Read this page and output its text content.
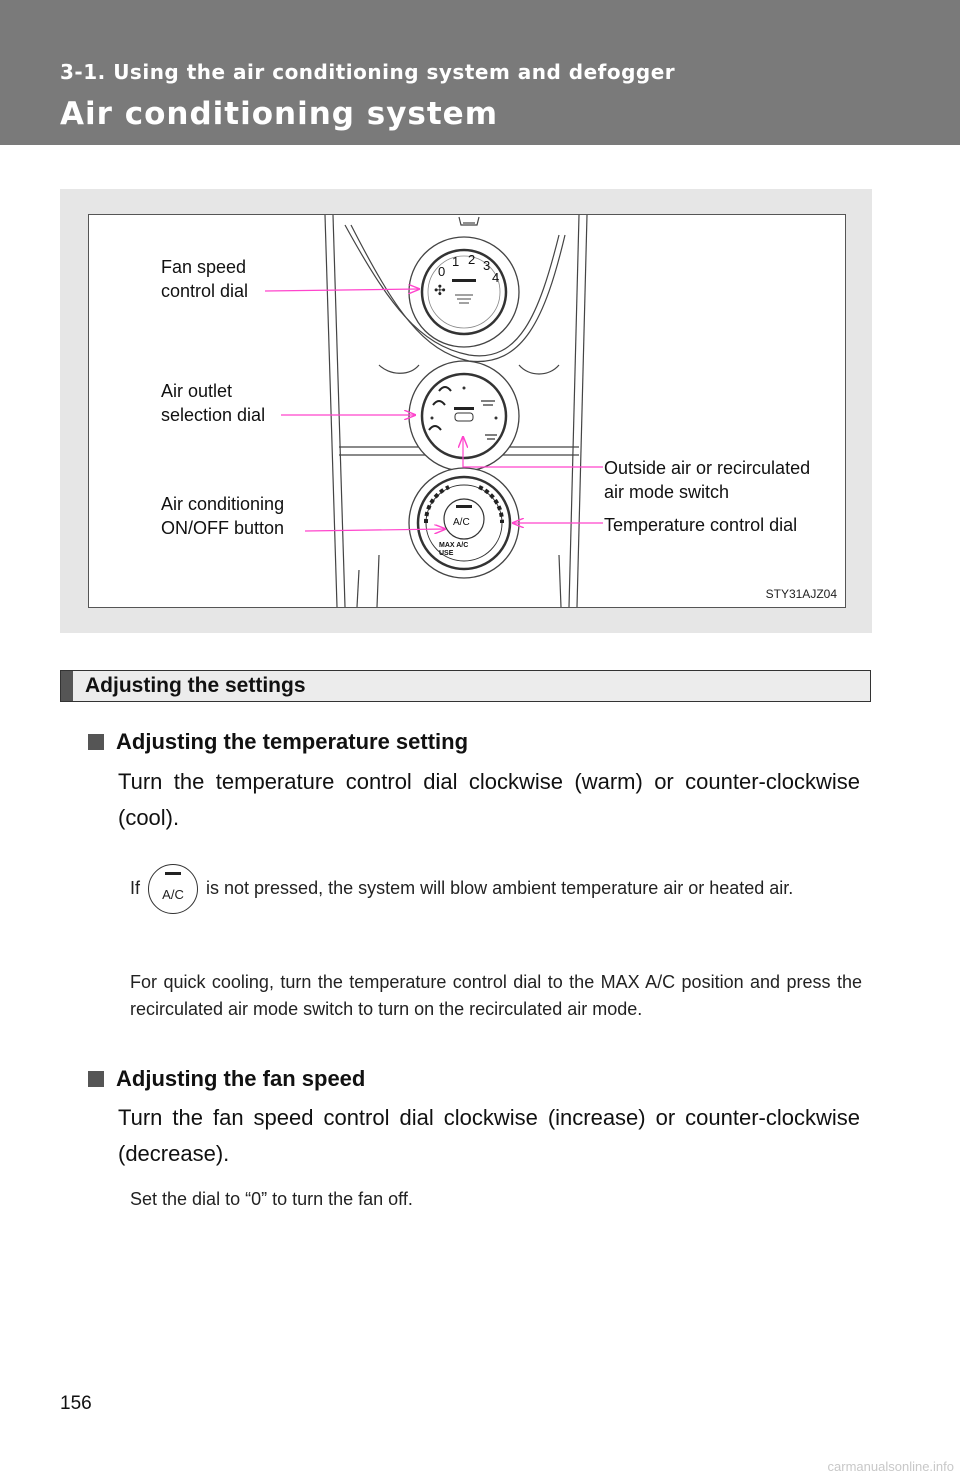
3-1. Using the air conditioning system and defogger
Air conditioning system
✣
0
1 2 3
4
A/C
MAX A/C
USE
Fan speed
control dial
Air outlet
selection dial
Air conditioning
ON/OFF button
Outside air or recirculated
air mode switch
Temperature control dial
STY31AJZ04
Adjusting the settings
Adjusting the temperature setting
Turn the temperature control dial clockwise (warm) or counter-clockwise (cool).
If	A/C	is not pressed, the system will blow ambient temperature air or heated air.
For quick cooling, turn the temperature control dial to the MAX A/C position and press the recirculated air mode switch to turn on the recirculated air mode.
Adjusting the fan speed
Turn the fan speed control dial clockwise (increase) or counter-clockwise (decrease).
Set the dial to “0” to turn the fan off.
156
carmanualsonline.info
